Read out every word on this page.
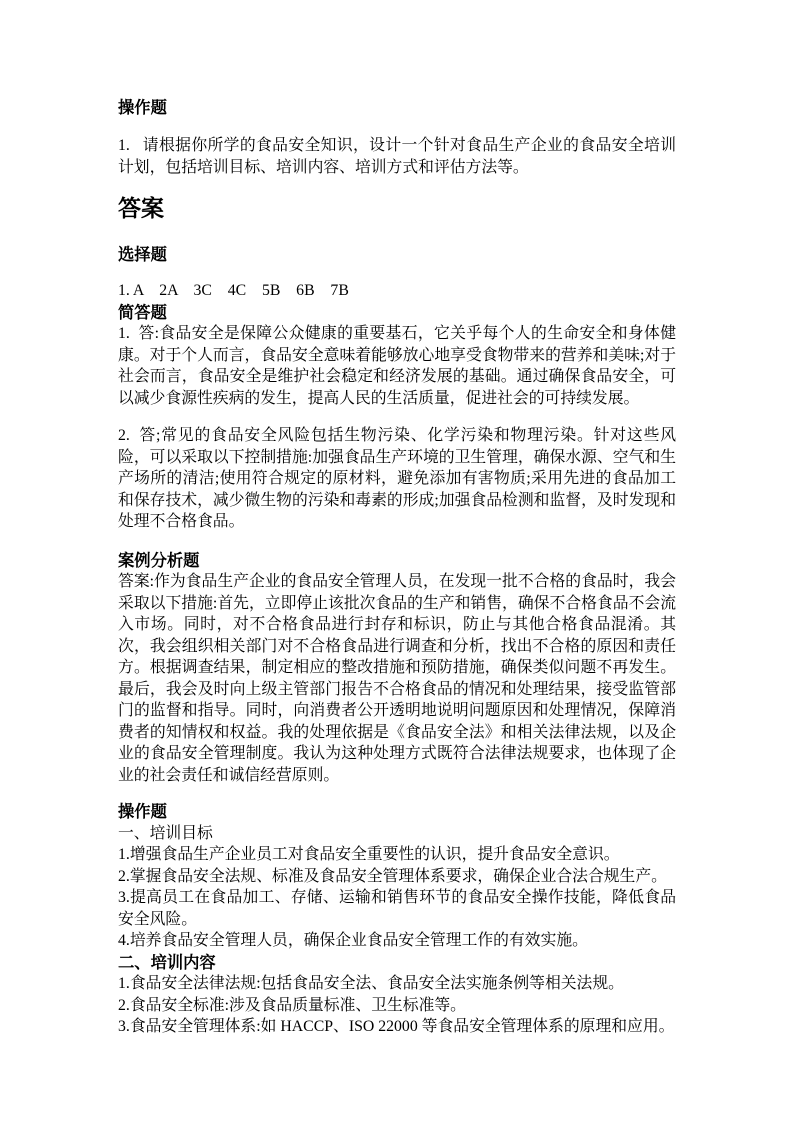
操作题

1.   请根据你所学的食品安全知识，设计一个针对食品生产企业的食品安全培训计划，包括培训目标、培训内容、培训方式和评估方法等。

答案
选择题

1. A    2A    3C    4C    5B    6B    7B

简答题

1.  答:食品安全是保障公众健康的重要基石，它关乎每个人的生命安全和身体健康。对于个人而言，食品安全意味着能够放心地享受食物带来的营养和美味;对于社会而言，食品安全是维护社会稳定和经济发展的基础。通过确保食品安全，可以减少食源性疾病的发生，提高人民的生活质量，促进社会的可持续发展。

2.  答;常见的食品安全风险包括生物污染、化学污染和物理污染。针对这些风险，可以采取以下控制措施:加强食品生产环境的卫生管理，确保水源、空气和生产场所的清洁;使用符合规定的原材料，避免添加有害物质;采用先进的食品加工和保存技术，减少微生物的污染和毒素的形成;加强食品检测和监督，及时发现和处理不合格食品。

案例分析题

答案:作为食品生产企业的食品安全管理人员，在发现一批不合格的食品时，我会采取以下措施:首先，立即停止该批次食品的生产和销售，确保不合格食品不会流入市场。同时，对不合格食品进行封存和标识，防止与其他合格食品混淆。其次，我会组织相关部门对不合格食品进行调查和分析，找出不合格的原因和责任方。根据调查结果，制定相应的整改措施和预防措施，确保类似问题不再发生。最后，我会及时向上级主管部门报告不合格食品的情况和处理结果，接受监管部门的监督和指导。同时，向消费者公开透明地说明问题原因和处理情况，保障消费者的知情权和权益。我的处理依据是《食品安全法》和相关法律法规，以及企业的食品安全管理制度。我认为这种处理方式既符合法律法规要求，也体现了企业的社会责任和诚信经营原则。

操作题

一、培训目标

1.增强食品生产企业员工对食品安全重要性的认识，提升食品安全意识。

2.掌握食品安全法规、标准及食品安全管理体系要求，确保企业合法合规生产。

3.提高员工在食品加工、存储、运输和销售环节的食品安全操作技能，降低食品安全风险。

4.培养食品安全管理人员，确保企业食品安全管理工作的有效实施。

二、培训内容

1.食品安全法律法规:包括食品安全法、食品安全法实施条例等相关法规。

2.食品安全标准:涉及食品质量标准、卫生标准等。

3.食品安全管理体系:如 HACCP、ISO 22000 等食品安全管理体系的原理和应用。
